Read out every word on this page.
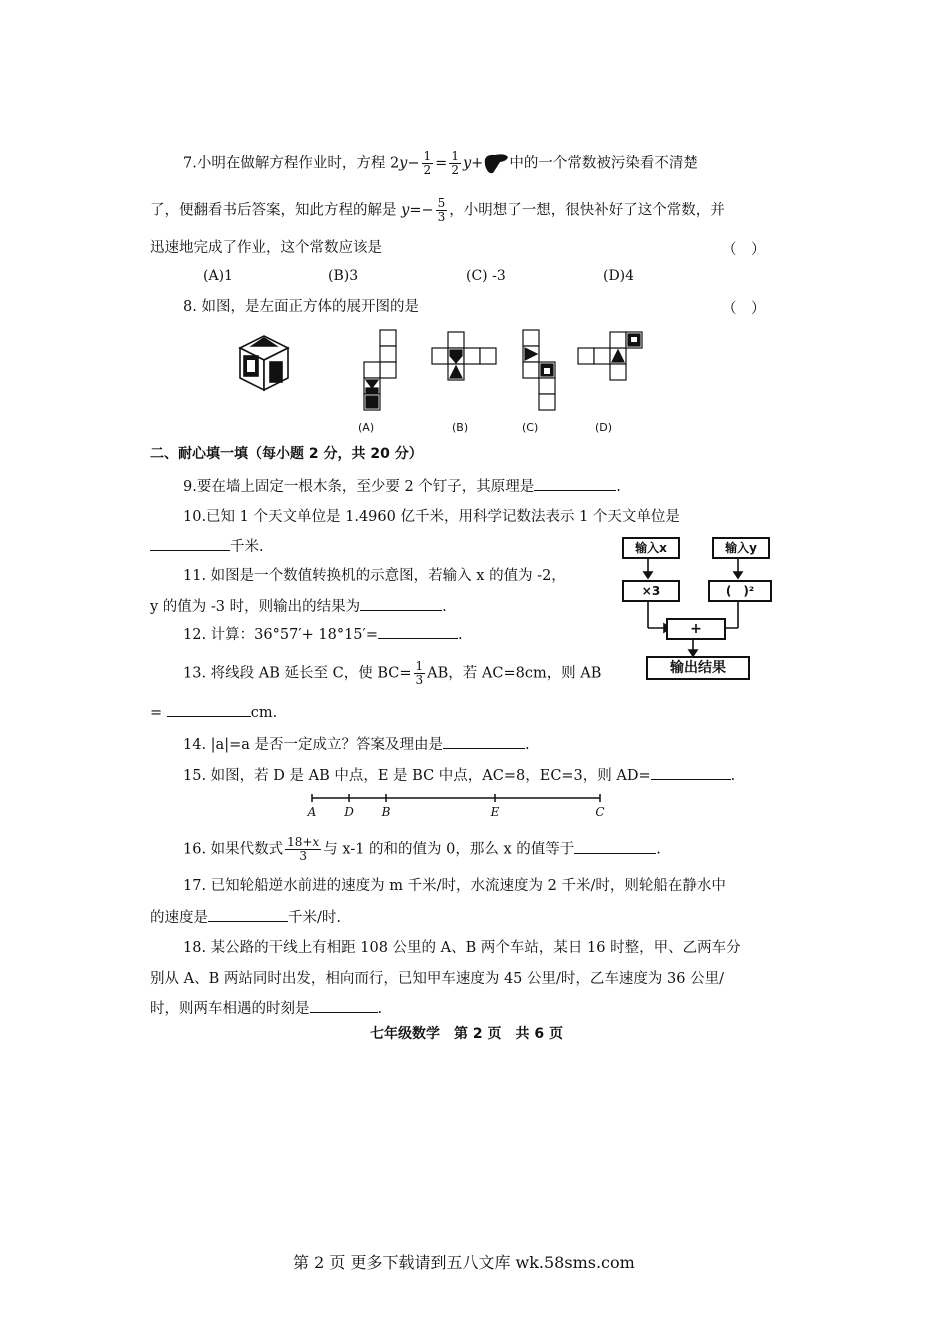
7.小明在做解方程作业时，方程 $2y- \frac{1}{2} = \frac{1}{2} y+$ 中的一个常数被污染看不清楚
了，便翻看书后答案，知此方程的解是 $y=- \frac{5}{3}$ ，小明想了一想，很快补好了这个常数，并
迅速地完成了作业，这个常数应该是	（　）
(A)1	(B)3	(C) -3	(D)4
8. 如图，是左面正方体的展开图的是	（　）
(A)	(B)	(C)	(D)
二、耐心填一填（每小题 2 分，共 20 分）
9.要在墙上固定一根木条，至少要 2 个钉子，其原理是	.
10.已知 1 个天文单位是 1.4960 亿千米，用科学记数法表示 1 个天文单位是
千米.
11. 如图是一个数值转换机的示意图，若输入 x 的值为 -2，
y 的值为 -3 时，则输出的结果为	.
输入x	输入y
×3	(　)²
+
输出结果
12. 计算：36°57′+ 18°15′=	.
13. 将线段 AB 延长至 C，使 $BC= \frac{1}{3}$ AB，若 AC=8cm，则 AB
=	cm.
14. |a|=a 是否一定成立？答案及理由是	.
15. 如图，若 D 是 AB 中点，E 是 BC 中点，AC=8，EC=3，则 AD=	.
A D B	E	C
16. 如果代数式 $\frac{18+x}{3}$ 与 x-1 的和的值为 0，那么 x 的值等于	.
17. 已知轮船逆水前进的速度为 m 千米/时，水流速度为 2 千米/时，则轮船在静水中
的速度是	千米/时.
18. 某公路的干线上有相距 108 公里的 A、B 两个车站，某日 16 时整，甲、乙两车分
别从 A、B 两站同时出发，相向而行，已知甲车速度为 45 公里/时，乙车速度为 36 公里/
时，则两车相遇的时刻是	.
七年级数学　第 2 页　共 6 页
第 2 页 更多下载请到五八文库 wk.58sms.com
